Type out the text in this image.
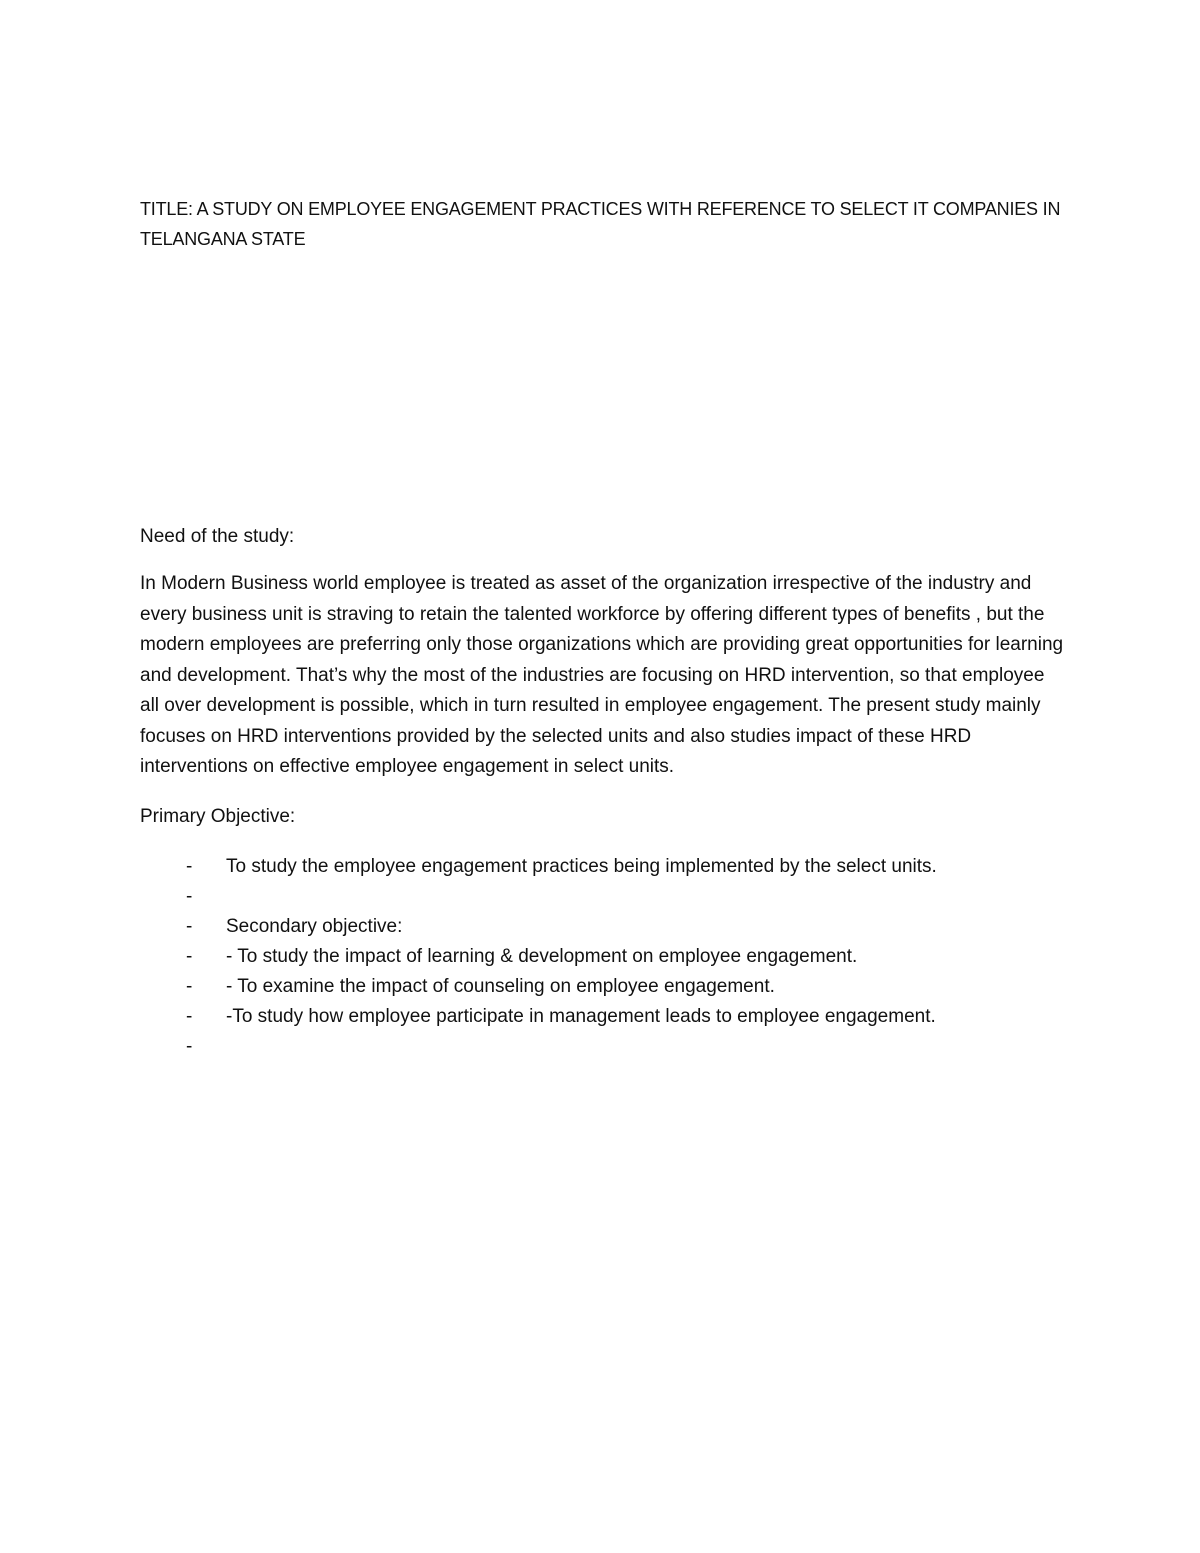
TITLE: A STUDY ON EMPLOYEE ENGAGEMENT PRACTICES WITH REFERENCE TO SELECT IT COMPANIES IN TELANGANA STATE

Need of the study:

In Modern Business world employee is treated as asset of the organization irrespective of the industry and every business unit is straving to retain the talented workforce by offering different types of benefits , but the modern employees are preferring only those organizations which are providing great opportunities for learning and development. That’s why the most of the industries are focusing on HRD intervention, so that employee all over development is possible, which in turn resulted in employee engagement. The present study mainly focuses on HRD interventions provided by the selected units and also studies impact of these HRD interventions on effective employee engagement in select units.

Primary Objective:

- To study the employee engagement practices being implemented by the select units.
-
- Secondary objective:
- - To study the impact of learning & development on employee engagement.
- - To examine the impact of counseling on employee engagement.
- -To study how employee participate in management leads to employee engagement.
-
